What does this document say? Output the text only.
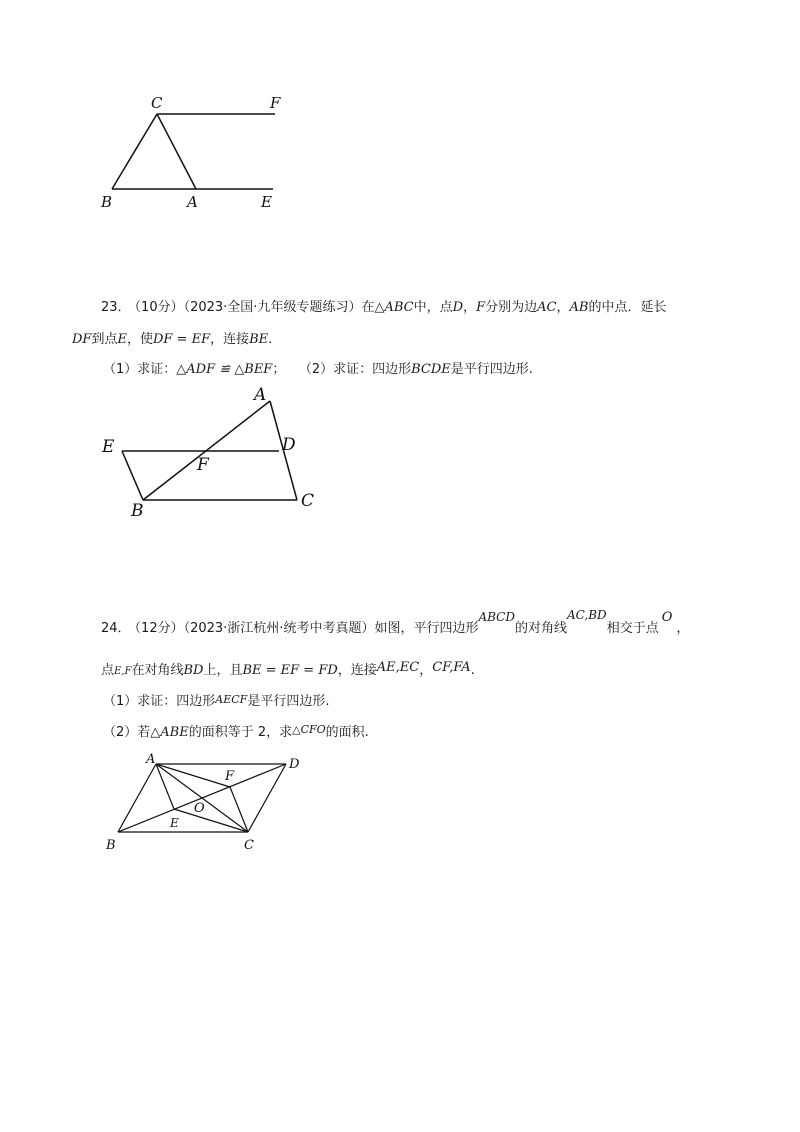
C	F
B	A	E
23． （10分）（2023·全国·九年级专题练习）在△ABC中，点D，F分别为边AC，AB的中点．延长
DF到点E，使DF = EF，连接BE.
（1）求证：△ADF ≌ △BEF； （2）求证：四边形BCDE是平行四边形.
A
E	D
F
B	C
24． （12分）（2023·浙江杭州·统考中考真题）如图，平行四边形ABCD的对角线AC,BD相交于点O，
点E,F在对角线BD上，且BE = EF = FD，连接AE,EC，CF,FA.
（1）求证：四边形AECF是平行四边形.
（2）若△ABE的面积等于 2，求$^{\triangle CFO}$的面积.
A	D
F
O
E
B	C
